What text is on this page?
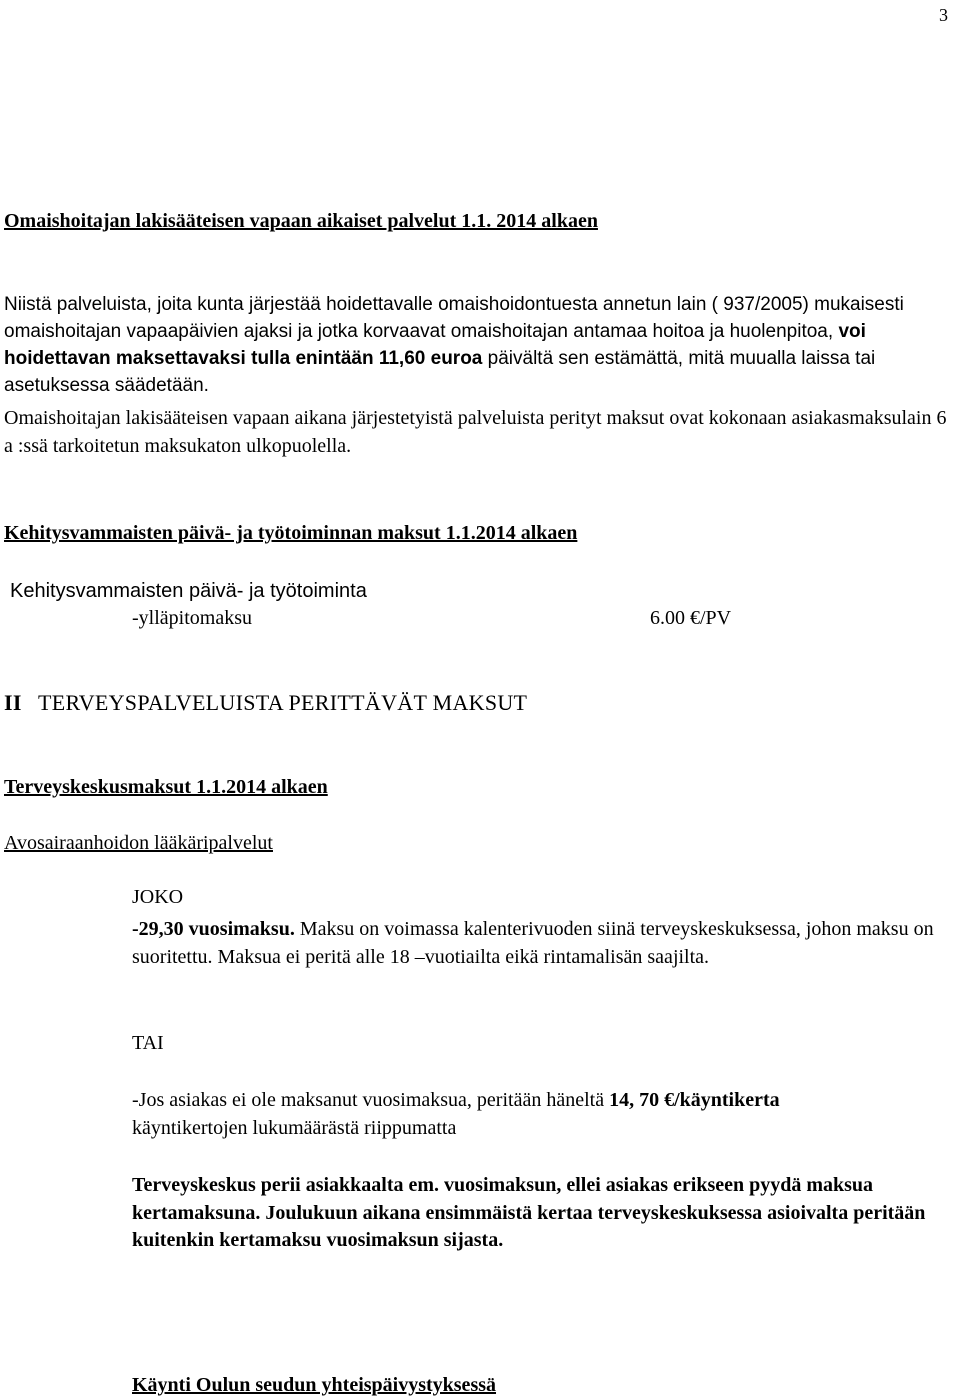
3
Omaishoitajan lakisääteisen vapaan aikaiset palvelut 1.1. 2014 alkaen
Niistä palveluista, joita kunta järjestää hoidettavalle omaishoidontuesta annetun lain ( 937/2005) mukaisesti omaishoitajan vapaapäivien ajaksi ja jotka korvaavat omaishoitajan antamaa hoitoa ja huolenpitoa, voi hoidettavan maksettavaksi tulla enintään 11,60 euroa päivältä sen estämättä, mitä muualla laissa tai asetuksessa säädetään.
Omaishoitajan lakisääteisen vapaan aikana järjestetyistä palveluista perityt maksut ovat kokonaan asiakasmaksulain 6 a :ssä tarkoitetun maksukaton ulkopuolella.
Kehitysvammaisten päivä- ja työtoiminnan maksut 1.1.2014 alkaen
Kehitysvammaisten päivä- ja työtoiminta
-ylläpitomaksu	6.00 €/PV
II TERVEYSPALVELUISTA PERITTÄVÄT MAKSUT
Terveyskeskusmaksut 1.1.2014 alkaen
Avosairaanhoidon lääkäripalvelut
JOKO
-29,30 vuosimaksu. Maksu on voimassa kalenterivuoden siinä terveyskeskuksessa, johon maksu on suoritettu. Maksua ei peritä alle 18 –vuotiailta eikä rintamalisän saajilta.
TAI
-Jos asiakas ei ole maksanut vuosimaksua, peritään häneltä 14, 70 €/käyntikerta
käyntikertojen lukumäärästä riippumatta
Terveyskeskus perii asiakkaalta em. vuosimaksun, ellei asiakas erikseen pyydä maksua kertamaksuna. Joulukuun aikana ensimmäistä kertaa terveyskeskuksessa asioivalta peritään kuitenkin kertamaksu vuosimaksun sijasta.
Käynti Oulun seudun yhteispäivystyksessä
